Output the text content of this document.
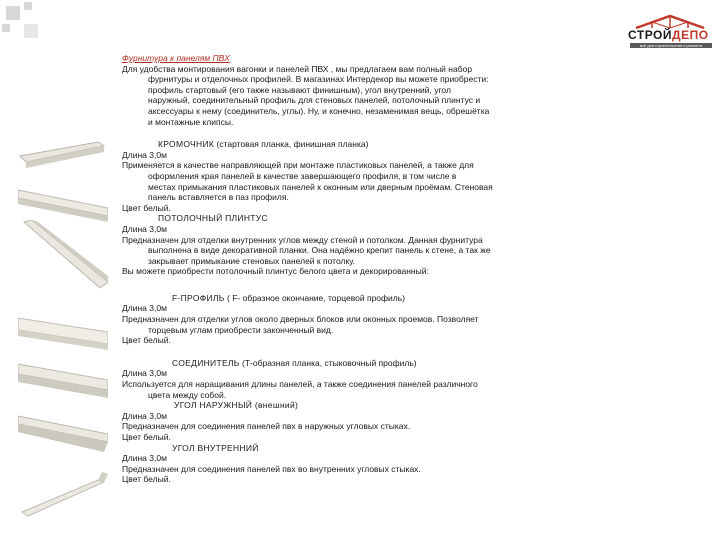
СТРОЙДЕПО
всё для строительства и ремонта

Фурнитура к панелям ПВХ

Для удобства монтирования вагонки и панелей ПВХ , мы предлагаем вам полный набор

фурнитуры и отделочных профилей. В магазинах Интердекор вы можете приобрести:

профиль стартовый (его также называют финишным), угол внутренний, угол

наружный, соединительный профиль для стеновых панелей, потолочный плинтус и

аксессуары к нему (соединитель, углы). Ну, и конечно, незаменимая вещь, обрешётка

и монтажные клипсы.

КРОМОЧНИК (стартовая планка, финишная планка)

Длина 3,0м

Применяется в качестве направляющей при монтаже пластиковых панелей, а также для

оформления края панелей в качестве завершающего профиля, в том числе в

местах примыкания пластиковых панелей к оконным или дверным проёмам. Стеновая

панель вставляется в паз профиля.

Цвет белый.

ПОТОЛОЧНЫЙ ПЛИНТУС

Длина 3,0м

Предназначен для отделки внутренних углов между стеной и потолком. Данная фурнитура

выполнена в виде декоративной планки. Она надёжно крепит панель к стене, а так же

закрывает примыкание стеновых панелей к потолку.

Вы можете приобрести потолочный плинтус белого цвета и декорированный:

F-ПРОФИЛЬ ( F- образное окончание, торцевой профиль)

Длина 3,0м

Предназначен для отделки углов около дверных блоков или оконных проемов. Позволяет

торцевым углам приобрести законченный вид.

Цвет белый.

СОЕДИНИТЕЛЬ (Т-образная планка, стыковочный профиль)

Длина 3,0м

Используется для наращивания длины панелей, а также соединения панелей различного

цвета между собой.

УГОЛ НАРУЖНЫЙ (внешний)

Длина 3,0м

Предназначен для соединения панелей пвх в наружных угловых стыках.

Цвет белый.

УГОЛ ВНУТРЕННИЙ

Длина 3,0м

Предназначен для соединения панелей пвх во внутренних угловых стыках.

Цвет белый.
